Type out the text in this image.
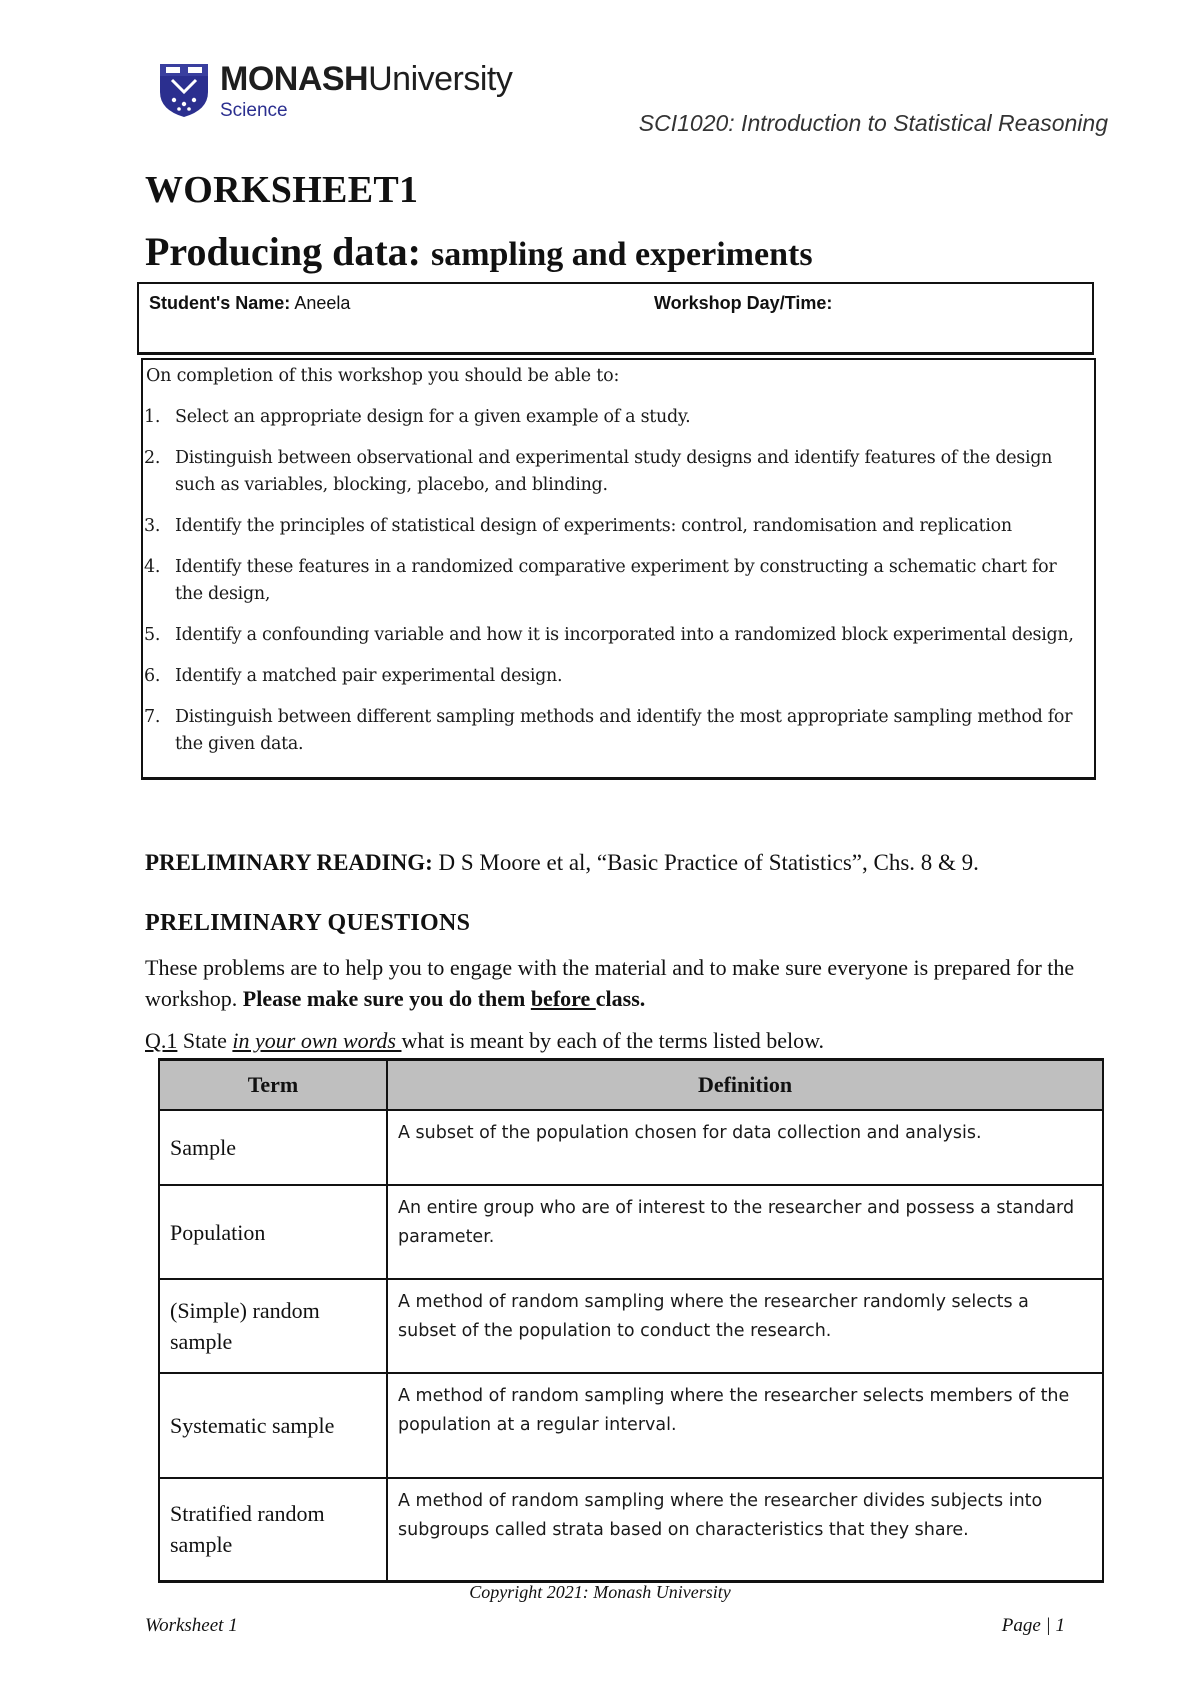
MONASHUniversity
Science	SCI1020: Introduction to Statistical Reasoning
WORKSHEET1
Producing data: sampling and experiments
Student's Name: Aneela	Workshop Day/Time:
On completion of this workshop you should be able to:
1. Select an appropriate design for a given example of a study.
2. Distinguish between observational and experimental study designs and identify features of the design such as variables, blocking, placebo, and blinding.
3. Identify the principles of statistical design of experiments: control, randomisation and replication
4. Identify these features in a randomized comparative experiment by constructing a schematic chart for the design,
5. Identify a confounding variable and how it is incorporated into a randomized block experimental design,
6. Identify a matched pair experimental design.
7. Distinguish between different sampling methods and identify the most appropriate sampling method for the given data.
PRELIMINARY READING: D S Moore et al, “Basic Practice of Statistics”, Chs. 8 & 9.
PRELIMINARY QUESTIONS
These problems are to help you to engage with the material and to make sure everyone is prepared for the workshop. Please make sure you do them before class.
Q.1 State in your own words what is meant by each of the terms listed below.
Term	Definition
Sample	A subset of the population chosen for data collection and analysis.
Population	An entire group who are of interest to the researcher and possess a standard parameter.
(Simple) random sample	A method of random sampling where the researcher randomly selects a subset of the population to conduct the research.
Systematic sample	A method of random sampling where the researcher selects members of the population at a regular interval.
Stratified random sample	A method of random sampling where the researcher divides subjects into subgroups called strata based on characteristics that they share.
Copyright 2021: Monash University
Worksheet 1	Page | 1
